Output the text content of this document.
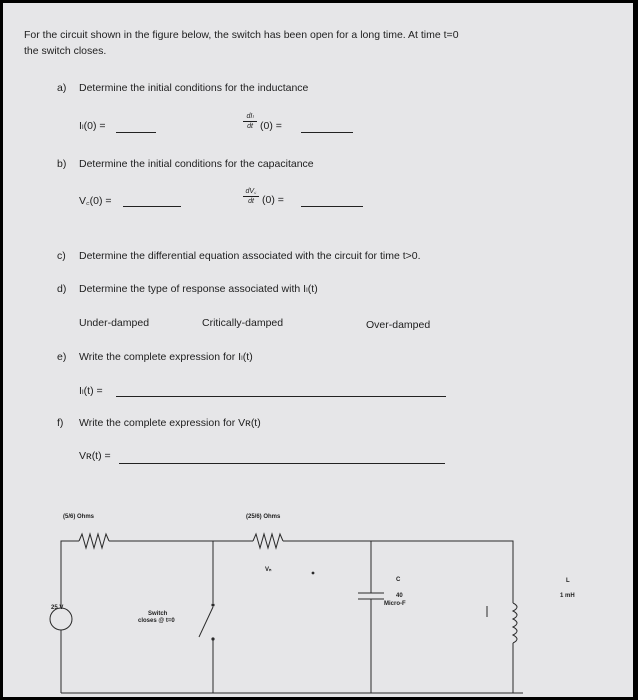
For the circuit shown in the figure below, the switch has been open for a long time. At time t=0
the switch closes.
a) Determine the initial conditions for the inductance
Iₗ(0) =
dIₗ
dt (0) =
b) Determine the initial conditions for the capacitance
V꜀(0) =
dV꜀
dt (0) =
c) Determine the differential equation associated with the circuit for time t>0.
d) Determine the type of response associated with Iₗ(t)
Under-damped	Critically-damped	Over-damped
e) Write the complete expression for Iₗ(t)
Iₗ(t) =
f) Write the complete expression for Vʀ(t)
Vʀ(t) =
(5/6) Ohms	(25/6) Ohms
25 V
Switch
closes @ t=0
Vₙ
C
40
Micro-F
L
1 mH
